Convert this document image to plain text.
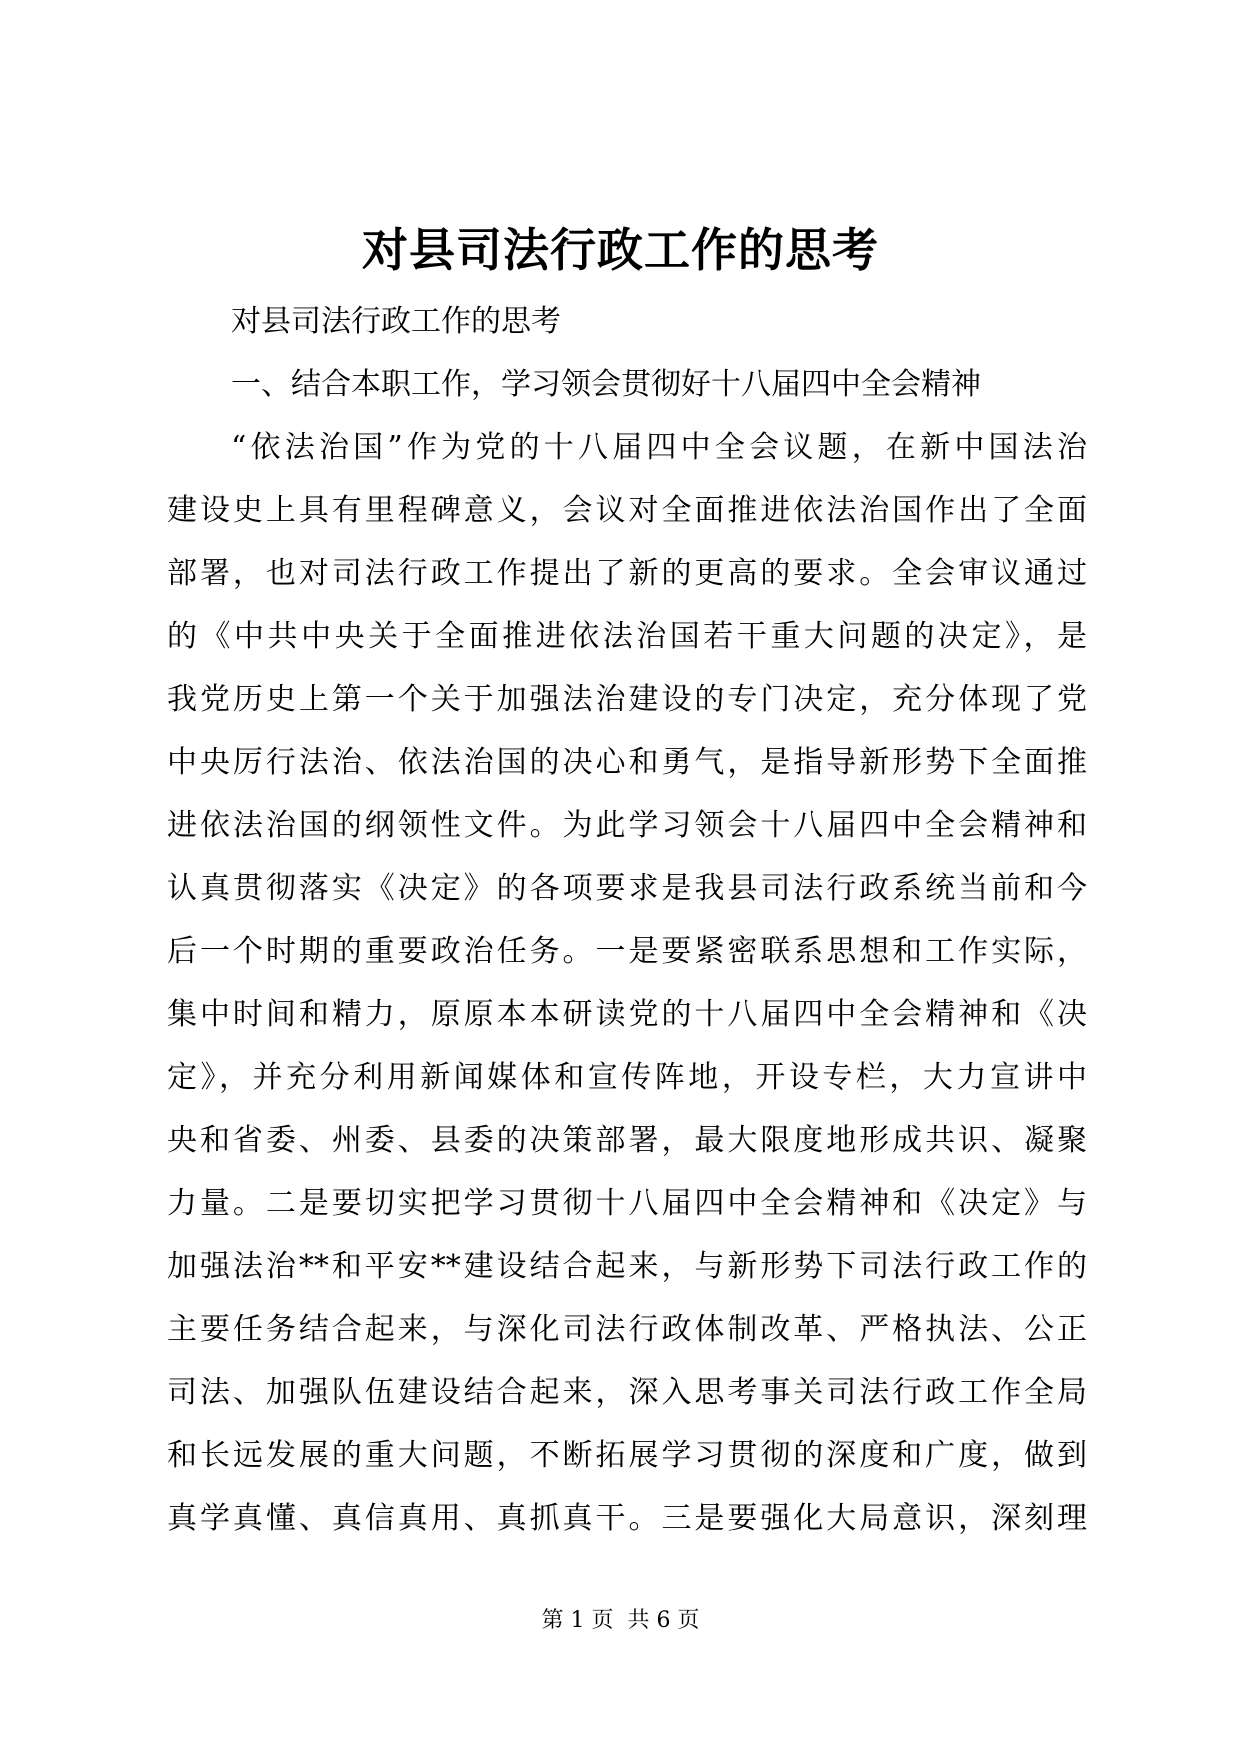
对县司法行政工作的思考
对县司法行政工作的思考
一、结合本职工作，学习领会贯彻好十八届四中全会精神
“依法治国”作为党的十八届四中全会议题，在新中国法治
建设史上具有里程碑意义，会议对全面推进依法治国作出了全面
部署，也对司法行政工作提出了新的更高的要求。全会审议通过
的《中共中央关于全面推进依法治国若干重大问题的决定》，是
我党历史上第一个关于加强法治建设的专门决定，充分体现了党
中央厉行法治、依法治国的决心和勇气，是指导新形势下全面推
进依法治国的纲领性文件。为此学习领会十八届四中全会精神和
认真贯彻落实《决定》的各项要求是我县司法行政系统当前和今
后一个时期的重要政治任务。一是要紧密联系思想和工作实际，
集中时间和精力，原原本本研读党的十八届四中全会精神和《决
定》，并充分利用新闻媒体和宣传阵地，开设专栏，大力宣讲中
央和省委、州委、县委的决策部署，最大限度地形成共识、凝聚
力量。二是要切实把学习贯彻十八届四中全会精神和《决定》与
加强法治**和平安**建设结合起来，与新形势下司法行政工作的
主要任务结合起来，与深化司法行政体制改革、严格执法、公正
司法、加强队伍建设结合起来，深入思考事关司法行政工作全局
和长远发展的重大问题，不断拓展学习贯彻的深度和广度，做到
真学真懂、真信真用、真抓真干。三是要强化大局意识，深刻理
第 1 页  共 6 页
